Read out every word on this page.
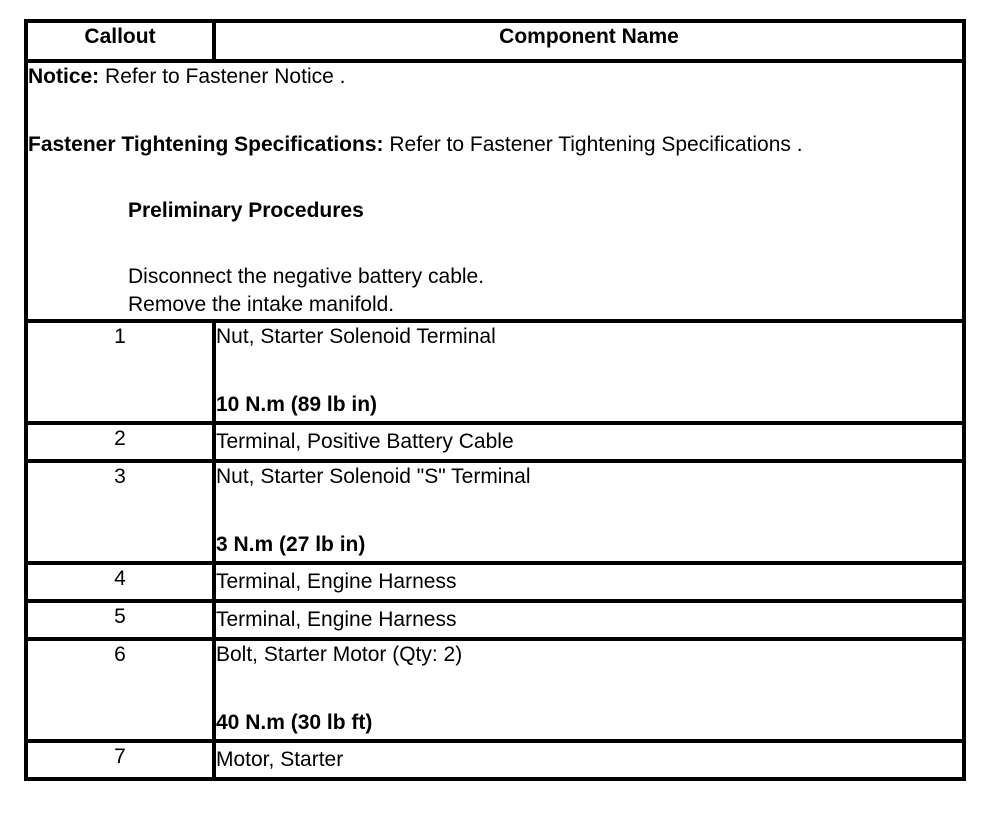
Callout	Component Name

Notice: Refer to Fastener Notice .

Fastener Tightening Specifications: Refer to Fastener Tightening Specifications .

Preliminary Procedures

Disconnect the negative battery cable.

Remove the intake manifold.	

1	Nut, Starter Solenoid Terminal
10 N.m (89 lb in)

2	Terminal, Positive Battery Cable
3	Nut, Starter Solenoid "S" Terminal
3 N.m (27 lb in)

4	Terminal, Engine Harness
5	Terminal, Engine Harness
6	Bolt, Starter Motor (Qty: 2)
40 N.m (30 lb ft)

7	Motor, Starter
